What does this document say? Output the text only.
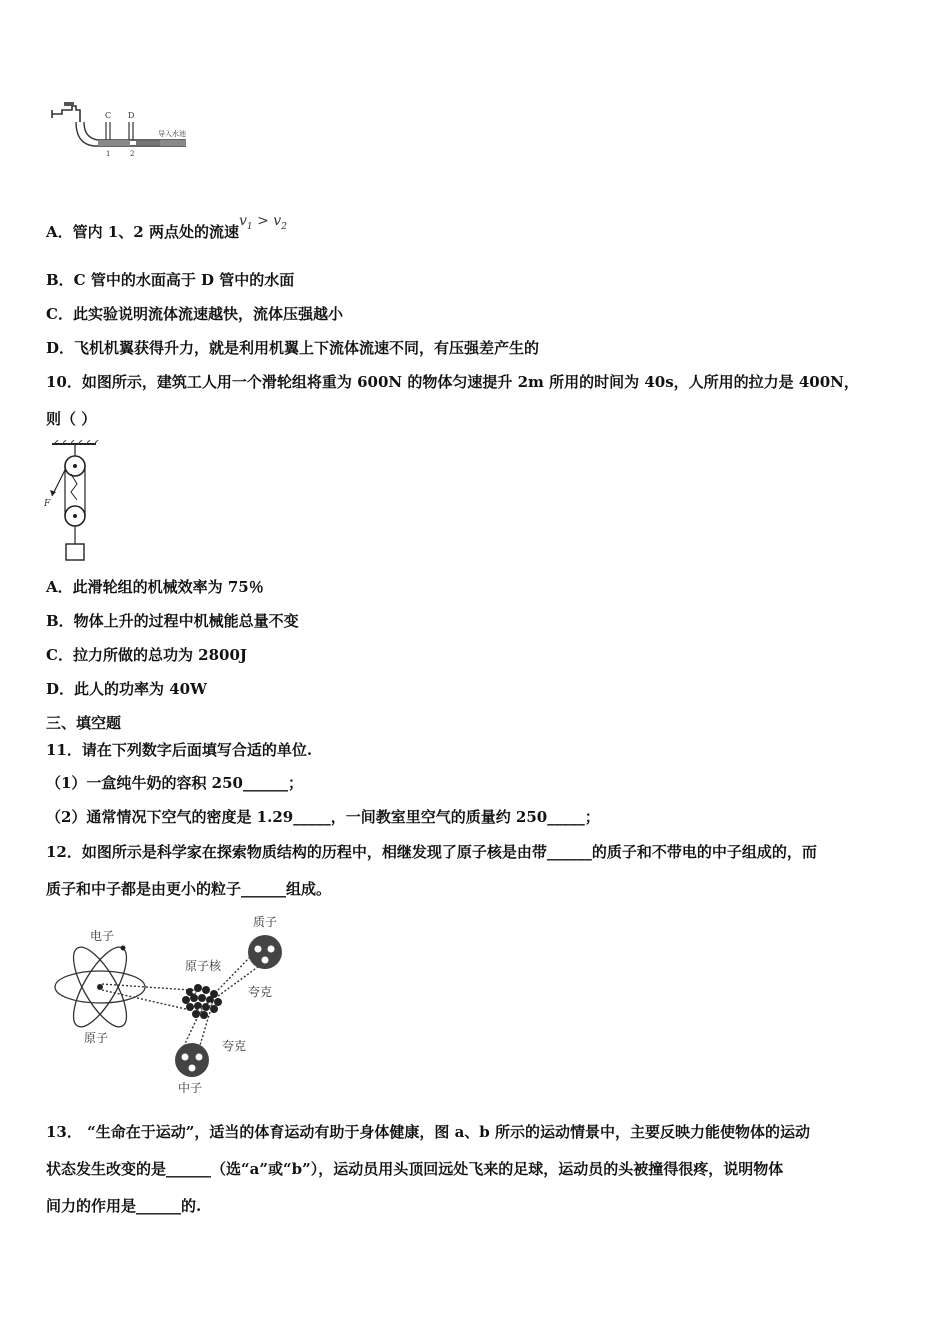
C D
1	2
导入水池
A．管内 1、2 两点处的流速$v_1 > v_2$
B．C 管中的水面高于 D 管中的水面
C．此实验说明流体流速越快，流体压强越小
D．飞机机翼获得升力，就是利用机翼上下流体流速不同，有压强差产生的
10．如图所示，建筑工人用一个滑轮组将重为 600N 的物体匀速提升 2m 所用的时间为 40s，人所用的拉力是 400N，
则（ ）
F
A．此滑轮组的机械效率为 75％
B．物体上升的过程中机械能总量不变
C．拉力所做的总功为 2800J
D．此人的功率为 40W
三、填空题
11．请在下列数字后面填写合适的单位.
（1）一盒纯牛奶的容积 250______；
（2）通常情况下空气的密度是 1.29_____，一间教室里空气的质量约 250_____；
12．如图所示是科学家在探索物质结构的历程中，相继发现了原子核是由带______的质子和不带电的中子组成的，而
质子和中子都是由更小的粒子______组成。
电子
原子
原子核
质子
夸克
夸克
中子
13． “生命在于运动”，适当的体育运动有助于身体健康，图 a、b 所示的运动情景中，主要反映力能使物体的运动
状态发生改变的是______（选“a”或“b”），运动员用头顶回远处飞来的足球，运动员的头被撞得很疼，说明物体
间力的作用是______的.
